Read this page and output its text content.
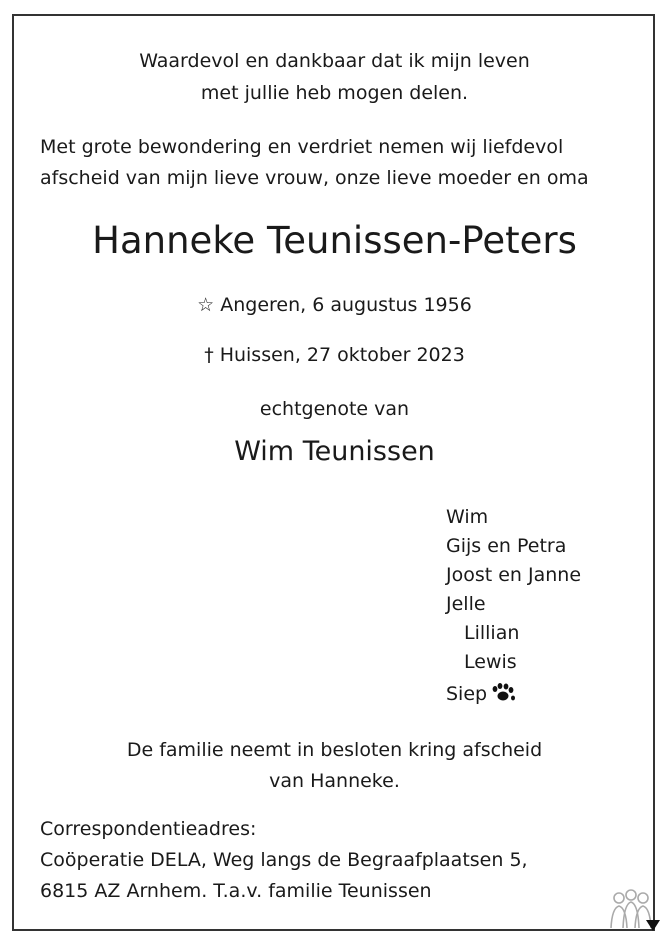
Waardevol en dankbaar dat ik mijn leven
met jullie heb mogen delen.
Met grote bewondering en verdriet nemen wij liefdevol
afscheid van mijn lieve vrouw, onze lieve moeder en oma
Hanneke Teunissen-Peters
☆ Angeren, 6 augustus 1956
† Huissen, 27 oktober 2023
echtgenote van
Wim Teunissen
Wim
Gijs en Petra
Joost en Janne
Jelle
Lillian
Lewis
Siep
De familie neemt in besloten kring afscheid
van Hanneke.
Correspondentieadres:
Coöperatie DELA, Weg langs de Begraafplaatsen 5,
6815 AZ Arnhem. T.a.v. familie Teunissen
